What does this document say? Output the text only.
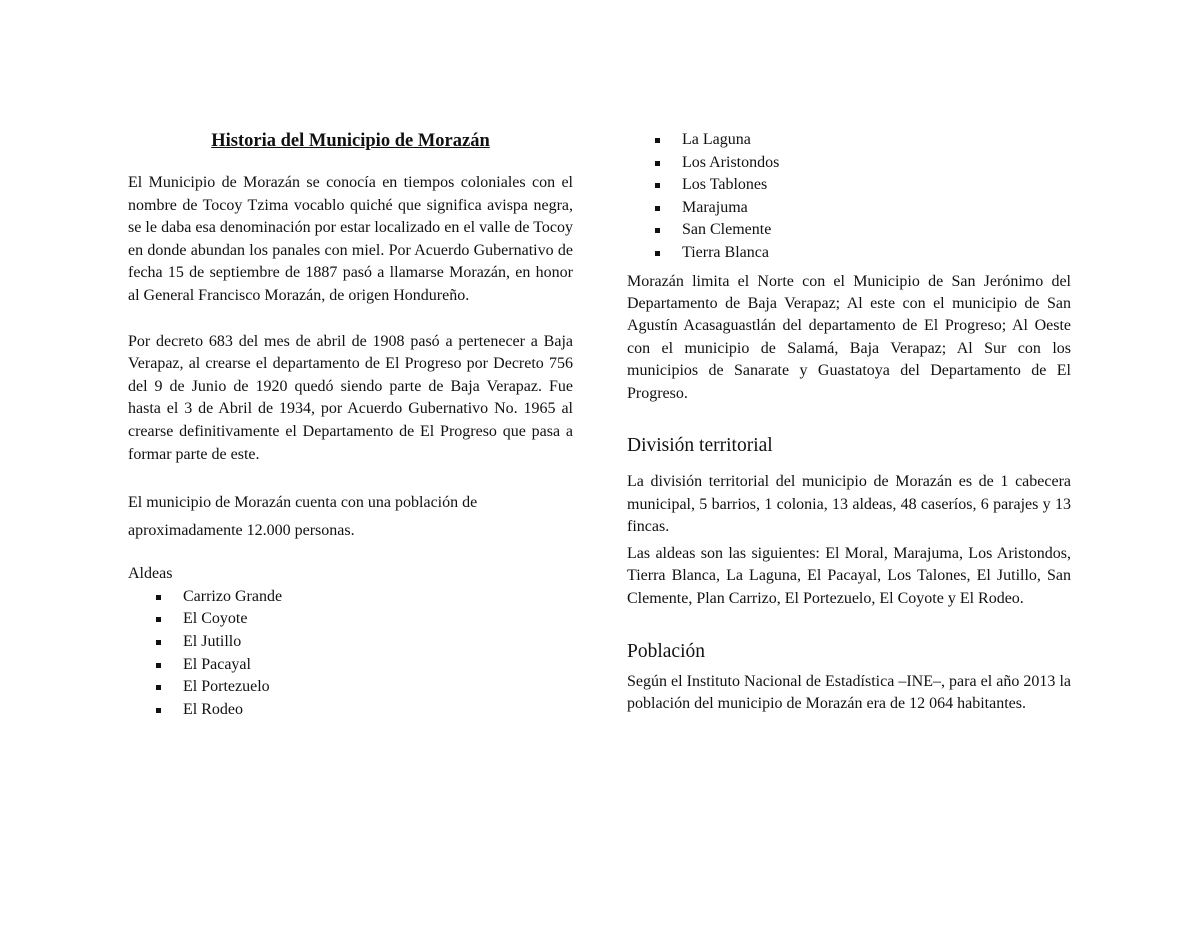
Historia del Municipio de Morazán

El Municipio de Morazán se conocía en tiempos coloniales con el nombre de Tocoy Tzima vocablo quiché que significa avispa negra, se le daba esa denominación por estar localizado en el valle de Tocoy en donde abundan los panales con miel. Por Acuerdo Gubernativo de fecha 15 de septiembre de 1887 pasó a llamarse Morazán, en honor al General Francisco Morazán, de origen Hondureño.

Por decreto 683 del mes de abril de 1908 pasó a pertenecer a Baja Verapaz, al crearse el departamento de El Progreso por Decreto 756 del 9 de Junio de 1920 quedó siendo parte de Baja Verapaz. Fue hasta el 3 de Abril de 1934, por Acuerdo Gubernativo No. 1965 al crearse definitivamente el Departamento de El Progreso que pasa a formar parte de este.

El municipio de Morazán cuenta con una población de aproximadamente 12.000 personas.

Aldeas

Carrizo Grande
El Coyote
El Jutillo
El Pacayal
El Portezuelo
El Rodeo
La Laguna
Los Aristondos
Los Tablones
Marajuma
San Clemente
Tierra Blanca

Morazán limita el Norte con el Municipio de San Jerónimo del Departamento de Baja Verapaz; Al este con el municipio de San Agustín Acasaguastlán del departamento de El Progreso; Al Oeste con el municipio de Salamá, Baja Verapaz; Al Sur con los municipios de Sanarate y Guastatoya del Departamento de El Progreso.

División territorial

La división territorial del municipio de Morazán es de 1 cabecera municipal, 5 barrios, 1 colonia, 13 aldeas, 48 caseríos, 6 parajes y 13 fincas.

Las aldeas son las siguientes: El Moral, Marajuma, Los Aristondos, Tierra Blanca, La Laguna, El Pacayal, Los Talones, El Jutillo, San Clemente, Plan Carrizo, El Portezuelo, El Coyote y El Rodeo.

Población

Según el Instituto Nacional de Estadística –INE–, para el año 2013 la población del municipio de Morazán era de 12 064 habitantes.
